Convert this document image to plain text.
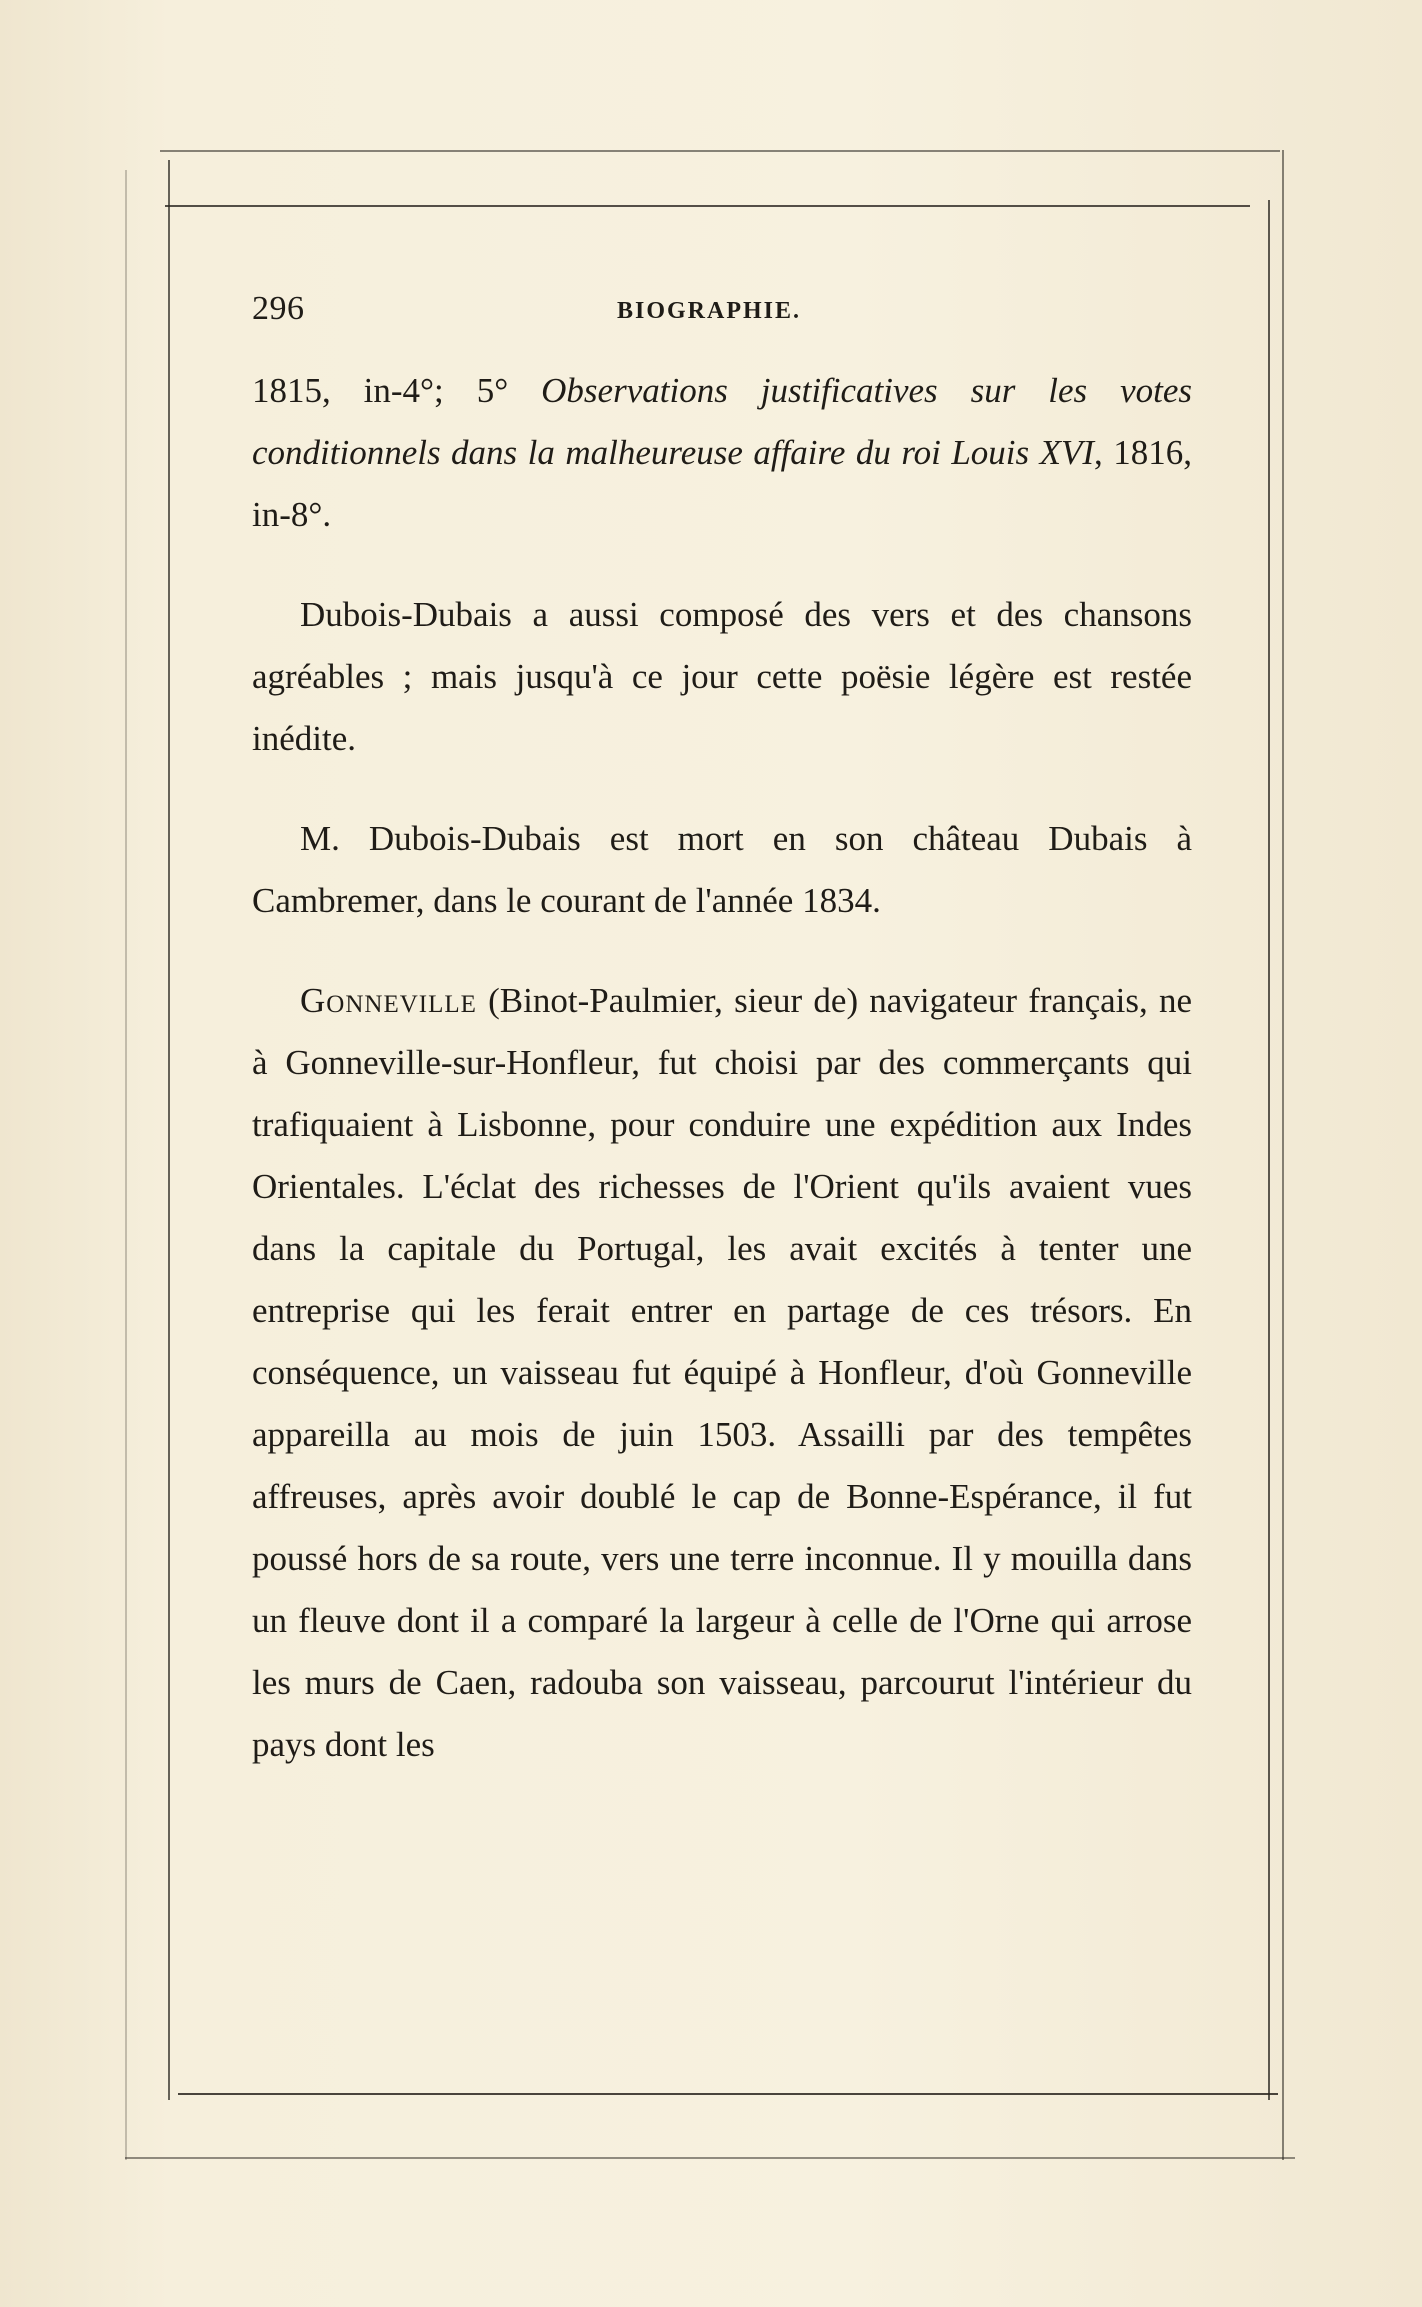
296	BIOGRAPHIE.

1815, in-4°; 5° Observations justificatives sur les votes conditionnels dans la malheureuse affaire du roi Louis XVI, 1816, in-8°.

Dubois-Dubais a aussi composé des vers et des chansons agréables ; mais jusqu'à ce jour cette poësie légère est restée inédite.

M. Dubois-Dubais est mort en son château Dubais à Cambremer, dans le courant de l'année 1834.

Gonneville (Binot-Paulmier, sieur de) navigateur français, ne à Gonneville-sur-Honfleur, fut choisi par des commerçants qui trafiquaient à Lisbonne, pour conduire une expédition aux Indes Orientales. L'éclat des richesses de l'Orient qu'ils avaient vues dans la capitale du Portugal, les avait excités à tenter une entreprise qui les ferait entrer en partage de ces trésors. En conséquence, un vaisseau fut équipé à Honfleur, d'où Gonneville appareilla au mois de juin 1503. Assailli par des tempêtes affreuses, après avoir doublé le cap de Bonne-Espérance, il fut poussé hors de sa route, vers une terre inconnue. Il y mouilla dans un fleuve dont il a comparé la largeur à celle de l'Orne qui arrose les murs de Caen, radouba son vaisseau, parcourut l'intérieur du pays dont les
